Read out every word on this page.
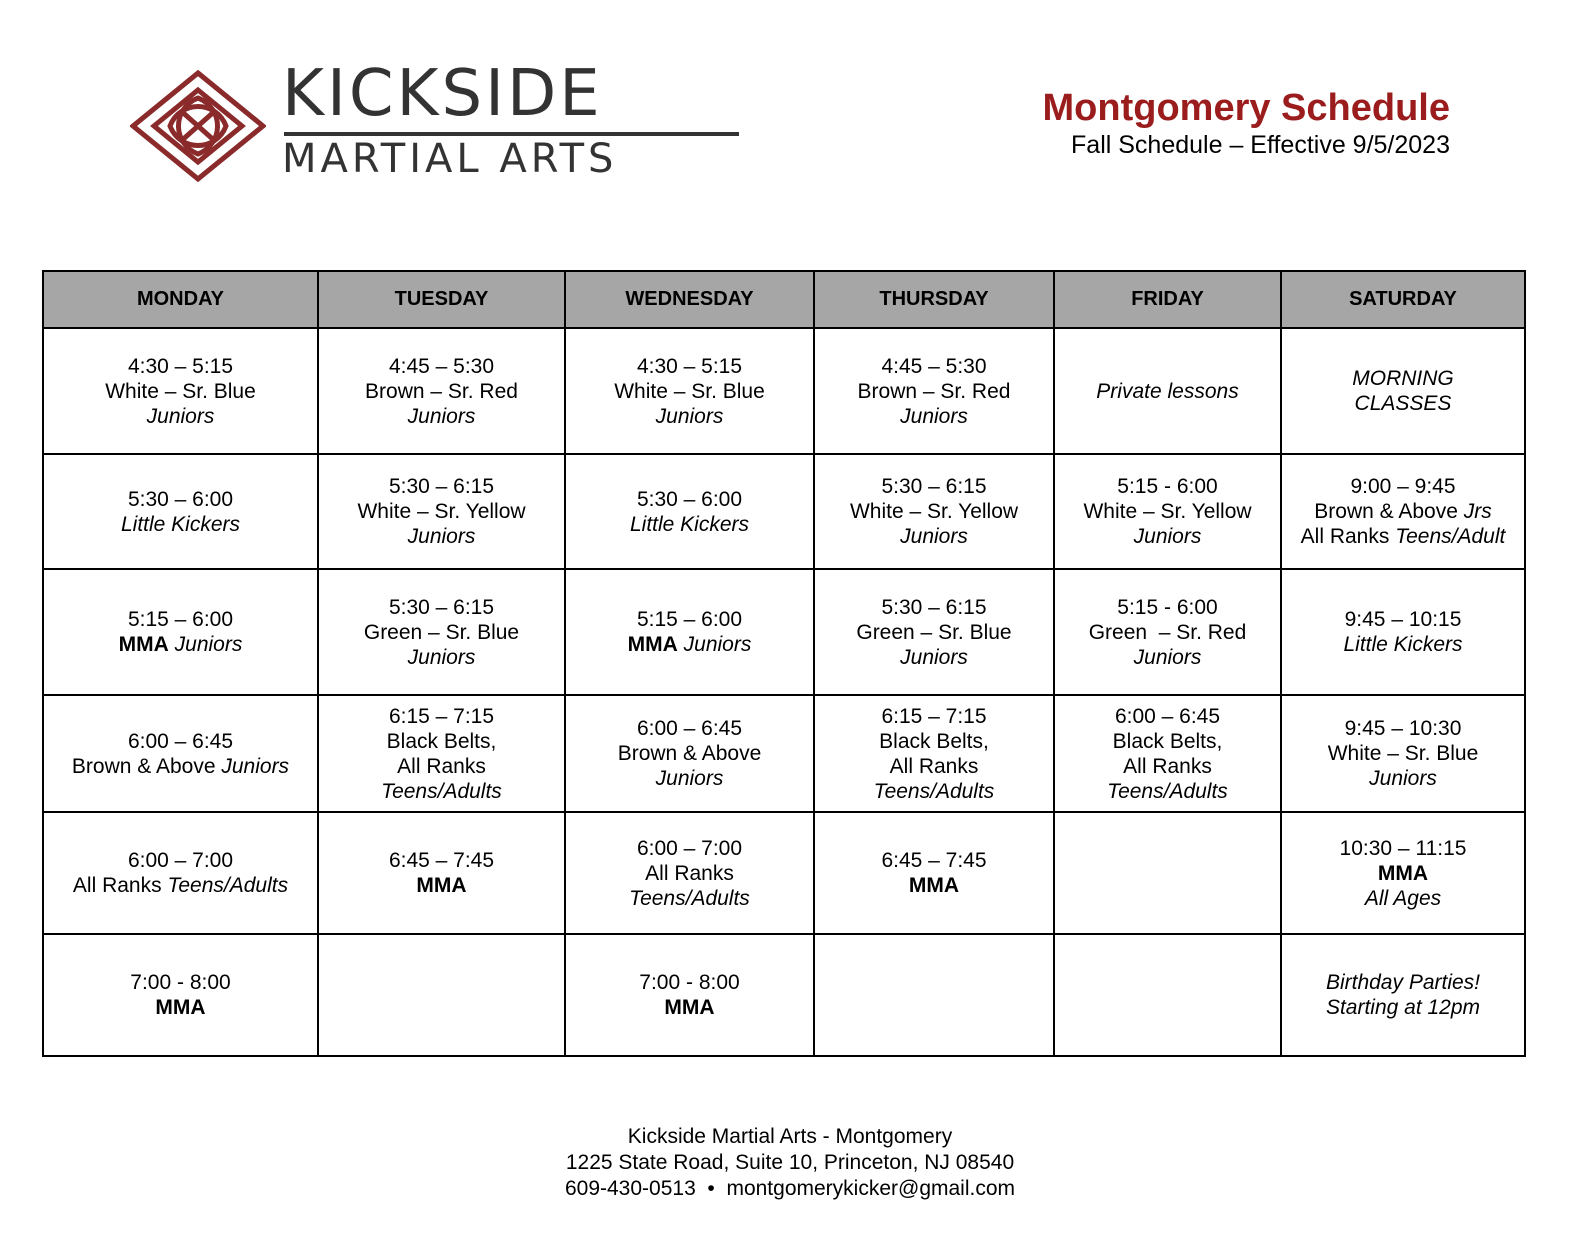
KICKSIDE
MARTIAL ARTS
Montgomery Schedule
Fall Schedule – Effective 9/5/2023
MONDAY	TUESDAY	WEDNESDAY	THURSDAY	FRIDAY	SATURDAY

4:30 – 5:15
White – Sr. Blue
Juniors	4:45 – 5:30
Brown – Sr. Red
Juniors	4:30 – 5:15
White – Sr. Blue
Juniors	4:45 – 5:30
Brown – Sr. Red
Juniors	Private lessons	MORNING
CLASSES

5:30 – 6:00
Little Kickers	5:30 – 6:15
White – Sr. Yellow
Juniors	5:30 – 6:00
Little Kickers	5:30 – 6:15
White – Sr. Yellow
Juniors	5:15 - 6:00
White – Sr. Yellow
Juniors	9:00 – 9:45
Brown & Above Jrs
All Ranks Teens/Adult

5:15 – 6:00
MMA Juniors	5:30 – 6:15
Green – Sr. Blue
Juniors	5:15 – 6:00
MMA Juniors	5:30 – 6:15
Green – Sr. Blue
Juniors	5:15 - 6:00
Green  – Sr. Red
Juniors	9:45 – 10:15
Little Kickers

6:00 – 6:45
Brown & Above Juniors	6:15 – 7:15
Black Belts,
All Ranks
Teens/Adults	6:00 – 6:45
Brown & Above
Juniors	6:15 – 7:15
Black Belts,
All Ranks
Teens/Adults	6:00 – 6:45
Black Belts,
All Ranks
Teens/Adults	9:45 – 10:30
White – Sr. Blue
Juniors

6:00 – 7:00
All Ranks Teens/Adults	6:45 – 7:45
MMA	6:00 – 7:00
All Ranks
Teens/Adults	6:45 – 7:45
MMA		10:30 – 11:15
MMA
All Ages

7:00 - 8:00
MMA		7:00 - 8:00
MMA			Birthday Parties!
Starting at 12pm
Kickside Martial Arts - Montgomery
1225 State Road, Suite 10, Princeton, NJ 08540
609-430-0513 • montgomerykicker@gmail.com
